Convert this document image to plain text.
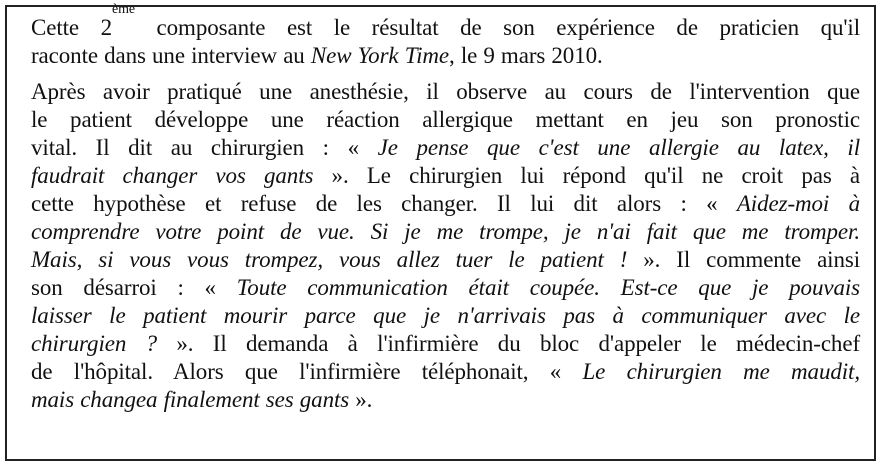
Cette 2ème composante est le résultat de son expérience de praticien qu'il
raconte dans une interview au New York Time, le 9 mars 2010.

Après avoir pratiqué une anesthésie, il observe au cours de l'intervention que
le patient développe une réaction allergique mettant en jeu son pronostic
vital. Il dit au chirurgien : « Je pense que c'est une allergie au latex, il
faudrait changer vos gants ». Le chirurgien lui répond qu'il ne croit pas à
cette hypothèse et refuse de les changer. Il lui dit alors : « Aidez-moi à
comprendre votre point de vue. Si je me trompe, je n'ai fait que me tromper.
Mais, si vous vous trompez, vous allez tuer le patient ! ». Il commente ainsi
son désarroi : « Toute communication était coupée. Est-ce que je pouvais
laisser le patient mourir parce que je n'arrivais pas à communiquer avec le
chirurgien ? ». Il demanda à l'infirmière du bloc d'appeler le médecin-chef
de l'hôpital. Alors que l'infirmière téléphonait, « Le chirurgien me maudit,
mais changea finalement ses gants ».
